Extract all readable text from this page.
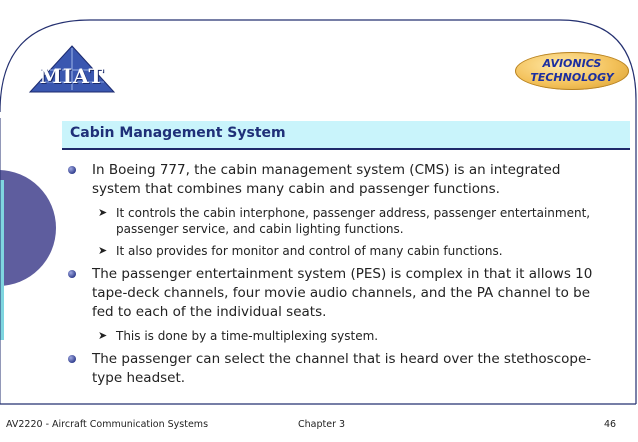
MIAT
AVIONICS
TECHNOLOGY
Cabin Management System
In Boeing 777, the cabin management system (CMS) is an integrated system that combines many cabin and passenger functions.
➤ It controls the cabin interphone, passenger address, passenger entertainment, passenger service, and cabin lighting functions.
➤ It also provides for monitor and control of many cabin functions.
The passenger entertainment system (PES) is complex in that it allows 10 tape-deck channels, four movie audio channels, and the PA channel to be fed to each of the individual seats.
➤ This is done by a time-multiplexing system.
The passenger can select the channel that is heard over the stethoscope-type headset.
AV2220 - Aircraft Communication Systems	Chapter 3	46
